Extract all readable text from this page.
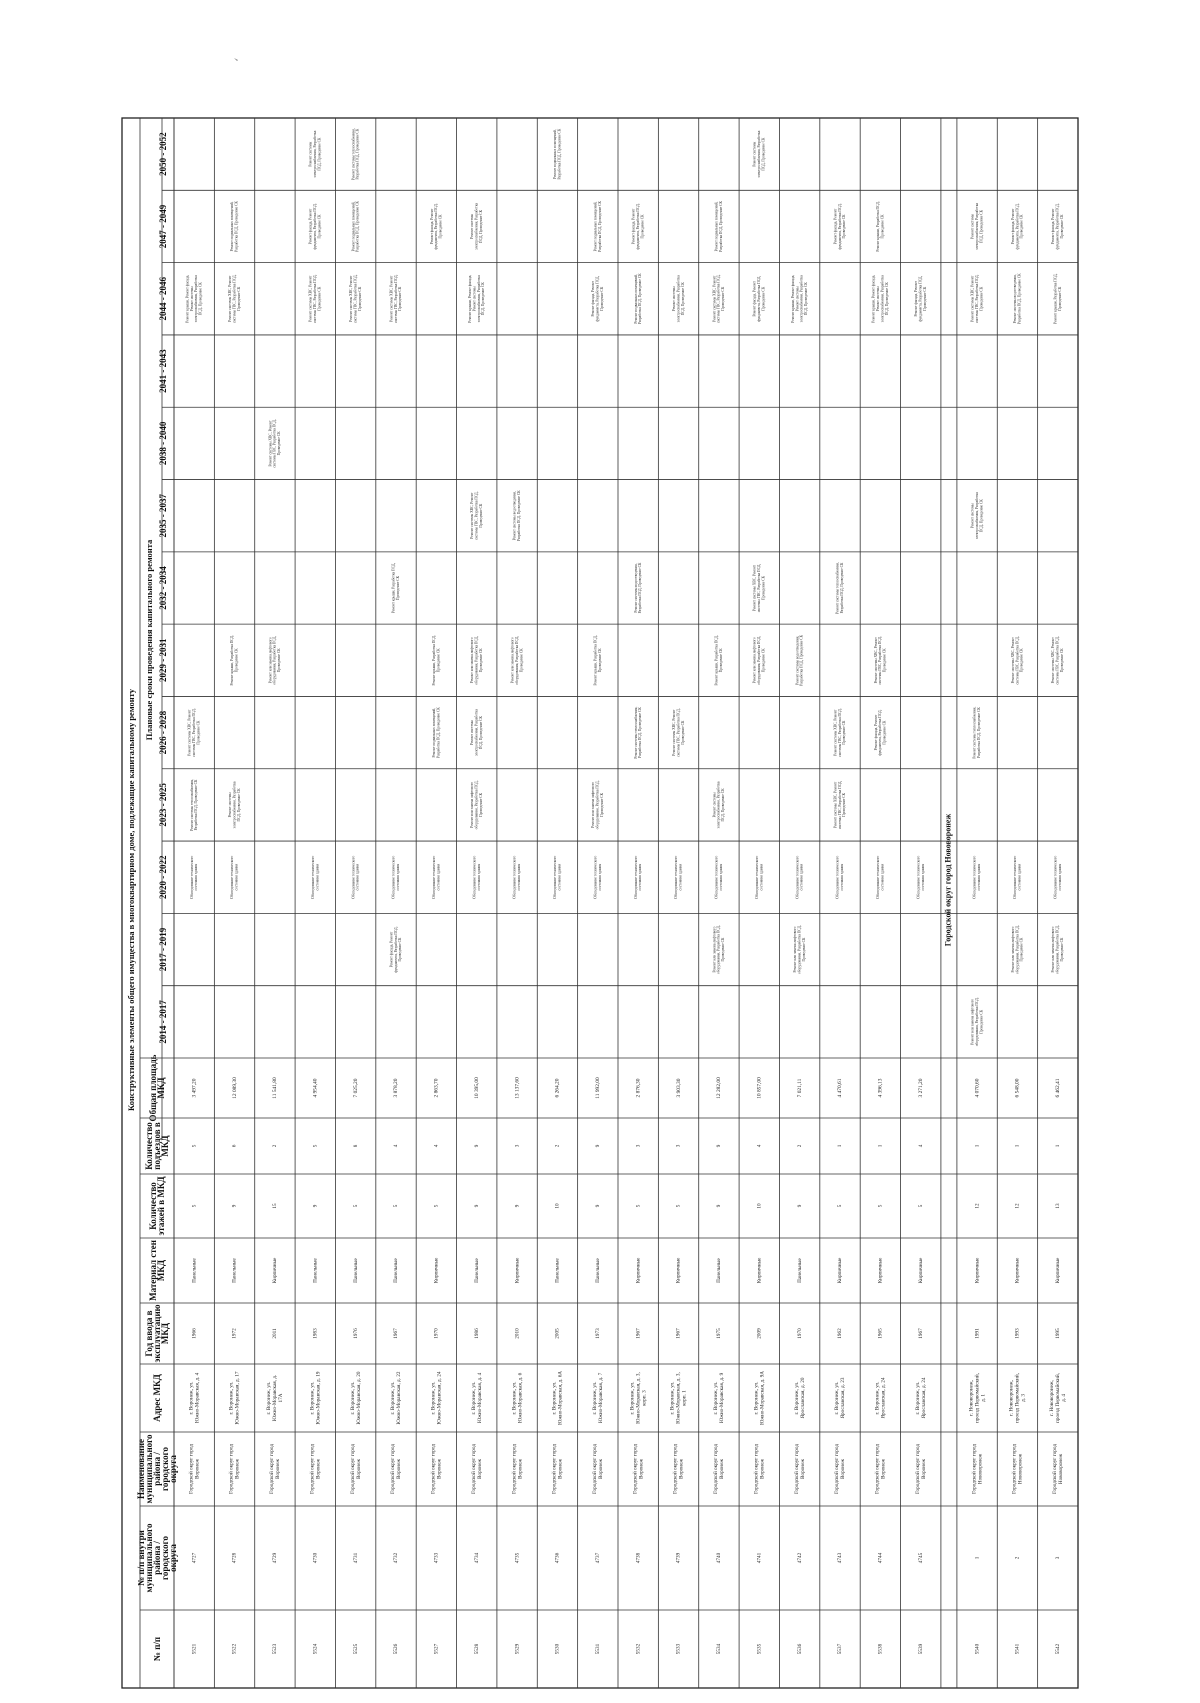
Конструктивные элементы общего имущества в многоквартирном доме, подлежащие капитальному ремонту
Плановые сроки проведения капитального ремонта
№ п/п
№ п/п внутри
муниципального
района /
городского
округа
Наименование
муниципального
района /
городского
округа
Адрес МКД
Год ввода в
эксплуатацию
МКД
Материал стен
МКД
Количество
этажей в МКД
Количество
подъездов в
МКД
Общая площадь
МКД
2014 - 2017
2017 - 2019
2020 - 2022
2023 - 2025
2026 - 2028
2029 - 2031
2032 - 2034
2035 - 2037
2038 - 2040
2041 - 2043
2044 - 2046
2047 - 2049
2050 - 2052
Городской округ город Нововоронеж
5521
4727
Городской округ город Воронеж
г. Воронеж, ул. Южно-Моравская, д. 4
1966
Панельные
5
5
3 497,20
Обследование технического состояния здания
Ремонт системы теплоснабжения, Разработка ПСД, Проведение СК
Ремонт системы ХВС, Ремонт системы ГВС, Разработка ПСД, Проведение СК
Ремонт крыши, Ремонт фасада, Ремонт системы электроснабжения, Разработка ПСД, Проведение СК
5522
4728
Городской округ город Воронеж
г. Воронеж, ул. Южно-Моравская, д. 17
1972
Панельные
9
6
12 089,30
Обследование технического состояния здания
Ремонт системы электроснабжения, Разработка ПСД, Проведение СК
Ремонт крыши, Разработка ПСД, Проведение СК
Ремонт системы ХВС, Ремонт системы ГВС, Разработка ПСД, Проведение СК
Ремонт подвальных помещений, Разработка ПСД, Проведение СК
5523
4729
Городской округ город Воронеж
г. Воронеж, ул. Южно-Моравская, д. 17А
2011
Кирпичные
15
2
11 541,80
Ремонт или замена лифтового оборудования, Разработка ПСД, Проведение СК
Ремонт системы ХВС, Ремонт системы ГВС, Разработка ПСД, Проведение СК
5524
4730
Городской округ город Воронеж
г. Воронеж, ул. Южно-Моравская, д. 19
1983
Панельные
9
5
4 954,40
Обследование технического состояния здания
Ремонт системы ХВС, Ремонт системы ГВС, Разработка ПСД, Проведение СК
Ремонт фасада, Ремонт фундамента, Разработка ПСД, Проведение СК
Ремонт системы электроснабжения, Разработка ПСД, Проведение СК
5525
4731
Городской округ город Воронеж
г. Воронеж, ул. Южно-Моравская, д. 20
1976
Панельные
5
8
7 025,20
Обследование технического состояния здания
Ремонт системы ХВС, Ремонт системы ГВС, Разработка ПСД, Проведение СК
Ремонт подвальных помещений, Разработка ПСД, Проведение СК
Ремонт системы теплоснабжения, Разработка ПСД, Проведение СК
5526
4732
Городской округ город Воронеж
г. Воронеж, ул. Южно-Моравская, д. 22
1967
Панельные
5
4
3 878,20
Ремонт фасада, Ремонт фундамента, Разработка ПСД, Проведение СК
Обследование технического состояния здания
Ремонт крыши, Разработка ПСД, Проведение СК
Ремонт системы ХВС, Ремонт системы ГВС, Разработка ПСД, Проведение СК
5527
4733
Городской округ город Воронеж
г. Воронеж, ул. Южно-Моравская, д. 24
1970
Кирпичные
5
4
2 863,70
Обследование технического состояния здания
Ремонт подвальных помещений, Разработка ПСД, Проведение СК
Ремонт крыши, Разработка ПСД, Проведение СК
Ремонт фасада, Ремонт фундамента, Разработка ПСД, Проведение СК
5528
4734
Городской округ город Воронеж
г. Воронеж, ул. Южно-Моравская, д. 4
1986
Панельные
9
9
10 395,00
Обследование технического состояния здания
Ремонт или замена лифтового оборудования, Разработка ПСД, Проведение СК
Ремонт системы электроснабжения, Разработка ПСД, Проведение СК
Ремонт или замена лифтового оборудования, Разработка ПСД, Проведение СК
Ремонт системы ХВС, Ремонт системы ГВС, Разработка ПСД, Проведение СК
Ремонт крыши, Ремонт фасада, Ремонт системы электроснабжения, Разработка ПСД, Проведение СК
Ремонт системы электроснабжения, Разработка ПСД, Проведение СК
5529
4735
Городской округ город Воронеж
г. Воронеж, ул. Южно-Моравская, д. 6
2010
Кирпичные
9
3
13 137,60
Обследование технического состояния здания
Ремонт или замена лифтового оборудования, Разработка ПСД, Проведение СК
Ремонт системы водоотведения, Разработка ПСД, Проведение СК
5530
4736
Городской округ город Воронеж
г. Воронеж, ул. Южно-Моравская, д. 6А
2005
Панельные
10
2
6 264,20
Обследование технического состояния здания
Ремонт подвальных помещений, Разработка ПСД, Проведение СК
5531
4737
Городской округ город Воронеж
г. Воронеж, ул. Южно-Моравская, д. 7
1973
Панельные
9
9
11 992,00
Обследование технического состояния здания
Ремонт или замена лифтового оборудования, Разработка ПСД, Проведение СК
Ремонт крыши, Разработка ПСД, Проведение СК
Ремонт фасада, Ремонт фундамента, Разработка ПСД, Проведение СК
Ремонт подвальных помещений, Разработка ПСД, Проведение СК
5532
4738
Городской округ город Воронеж
г. Воронеж, ул. Южно-Моравская, д. 3, корп. 3
1967
Кирпичные
5
3
2 876,30
Обследование технического состояния здания
Ремонт системы теплоснабжения, Разработка ПСД, Проведение СК
Ремонт системы водоотведения, Разработка ПСД, Проведение СК
Ремонт подвальных помещений, Разработка ПСД, Проведение СК
Ремонт фасада, Ремонт фундамента, Разработка ПСД, Проведение СК
5533
4739
Городской округ город Воронеж
г. Воронеж, ул. Южно-Моравская, д. 3, корп. 1
1967
Кирпичные
5
3
3 903,30
Обследование технического состояния здания
Ремонт системы ХВС, Ремонт системы ГВС, Разработка ПСД, Проведение СК
Ремонт системы электроснабжения, Разработка ПСД, Проведение СК
5534
4740
Городской округ город Воронеж
г. Воронеж, ул. Южно-Моравская, д. 9
1975
Панельные
9
9
12 282,00
Ремонт или замена лифтового оборудования, Разработка ПСД, Проведение СК
Обследование технического состояния здания
Ремонт системы электроснабжения, Разработка ПСД, Проведение СК
Ремонт крыши, Разработка ПСД, Проведение СК
Ремонт системы ХВС, Ремонт системы ГВС, Разработка ПСД, Проведение СК
Ремонт подвальных помещений, Разработка ПСД, Проведение СК
5535
4741
Городской округ город Воронеж
г. Воронеж, ул. Южно-Моравская, д. 9А
2009
Кирпичные
10
4
10 857,00
Обследование технического состояния здания
Ремонт или замена лифтового оборудования, Разработка ПСД, Проведение СК
Ремонт системы ХВС, Ремонт системы ГВС, Разработка ПСД, Проведение СК
Ремонт фасада, Ремонт фундамента, Разработка ПСД, Проведение СК
Ремонт системы электроснабжения, Разработка ПСД, Проведение СК
5536
4742
Городской округ город Воронеж
г. Воронеж, ул. Ярославская, д. 20
1970
Панельные
9
2
7 021,11
Ремонт или замена лифтового оборудования, Разработка ПСД, Проведение СК
Обследование технического состояния здания
Ремонт системы водоотведения, Разработка ПСД, Проведение СК
Ремонт крыши, Ремонт фасада, Ремонт системы электроснабжения, Разработка ПСД, Проведение СК
5537
4743
Городской округ город Воронеж
г. Воронеж, ул. Ярославская, д. 23
1962
Кирпичные
5
1
4 470,61
Обследование технического состояния здания
Ремонт системы ХВС, Ремонт системы ГВС, Разработка ПСД, Проведение СК
Ремонт системы ХВС, Ремонт системы ГВС, Разработка ПСД, Проведение СК
Ремонт системы теплоснабжения, Разработка ПСД, Проведение СК
Ремонт фасада, Ремонт фундамента, Разработка ПСД, Проведение СК
5538
4744
Городской округ город Воронеж
г. Воронеж, ул. Ярославская, д. 24
1965
Кирпичные
5
1
4 396,13
Обследование технического состояния здания
Ремонт фасада, Ремонт фундамента, Разработка ПСД, Проведение СК
Ремонт системы ХВС, Ремонт системы ГВС, Разработка ПСД, Проведение СК
Ремонт крыши, Ремонт фасада, Ремонт системы электроснабжения, Разработка ПСД, Проведение СК
Ремонт крыши, Разработка ПСД, Проведение СК
5539
4745
Городской округ город Воронеж
г. Воронеж, ул. Ярославская, д. 24
1967
Кирпичные
5
4
3 271,20
Обследование технического состояния здания
Ремонт фасада, Ремонт фундамента, Разработка ПСД, Проведение СК
5540
1
Городской округ город Нововоронеж
г. Нововоронеж, проезд Первомайский, д. 1
1991
Кирпичные
12
1
4 070,60
Ремонт или замена лифтового оборудования, Разработка ПСД, Проведение СК
Обследование технического состояния здания
Ремонт системы теплоснабжения, Разработка ПСД, Проведение СК
Ремонт системы электроснабжения, Разработка ПСД, Проведение СК
Ремонт системы ХВС, Ремонт системы ГВС, Разработка ПСД, Проведение СК
Ремонт системы электроснабжения, Разработка ПСД, Проведение СК
5541
2
Городской округ город Нововоронеж
г. Нововоронеж, проезд Первомайский, д. 3
1993
Кирпичные
12
1
6 548,00
Ремонт или замена лифтового оборудования, Разработка ПСД, Проведение СК
Обследование технического состояния здания
Ремонт системы ХВС, Ремонт системы ГВС, Разработка ПСД, Проведение СК
Ремонт системы водоотведения, Разработка ПСД, Проведение СК
Ремонт фасада, Ремонт фундамента, Разработка ПСД, Проведение СК
5542
3
Городской округ город Нововоронеж
г. Нововоронеж, проезд Первомайский, д. 4
1995
Кирпичные
13
1
6 462,41
Ремонт или замена лифтового оборудования, Разработка ПСД, Проведение СК
Обследование технического состояния здания
Ремонт системы ХВС, Ремонт системы ГВС, Разработка ПСД, Проведение СК
Ремонт крыши, Разработка ПСД, Проведение СК
Ремонт фасада, Ремонт фундамента, Разработка ПСД, Проведение СК
